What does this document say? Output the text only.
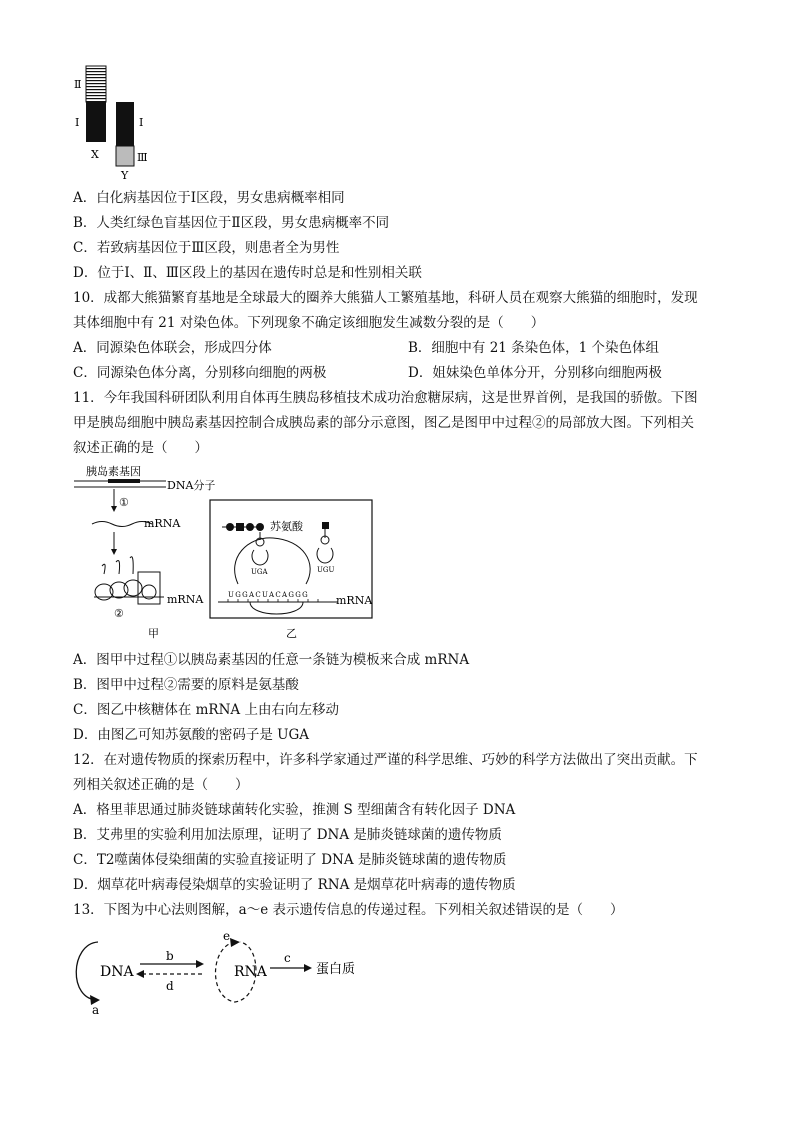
Ⅱ
Ⅰ	Ⅰ
Ⅲ
X
Y
A．白化病基因位于Ⅰ区段，男女患病概率相同
B．人类红绿色盲基因位于Ⅱ区段，男女患病概率不同
C．若致病基因位于Ⅲ区段，则患者全为男性
D．位于Ⅰ、Ⅱ、Ⅲ区段上的基因在遗传时总是和性别相关联
10．成都大熊猫繁育基地是全球最大的圈养大熊猫人工繁殖基地，科研人员在观察大熊猫的细胞时，发现
其体细胞中有 21 对染色体。下列现象不确定该细胞发生减数分裂的是（　　）
A．同源染色体联会，形成四分体	B．细胞中有 21 条染色体，1 个染色体组
C．同源染色体分离，分别移向细胞的两极	D．姐妹染色单体分开，分别移向细胞两极
11．今年我国科研团队利用自体再生胰岛移植技术成功治愈糖尿病，这是世界首例，是我国的骄傲。下图
甲是胰岛细胞中胰岛素基因控制合成胰岛素的部分示意图，图乙是图甲中过程②的局部放大图。下列相关
叙述正确的是（　　）
胰岛素基因
DNA分子
①
mRNA
mRNA
②
甲
苏氨酸
UGA	UGU
UGGACUACAGGG mRNA
乙
A．图甲中过程①以胰岛素基因的任意一条链为模板来合成 mRNA
B．图甲中过程②需要的原料是氨基酸
C．图乙中核糖体在 mRNA 上由右向左移动
D．由图乙可知苏氨酸的密码子是 UGA
12．在对遗传物质的探索历程中，许多科学家通过严谨的科学思维、巧妙的科学方法做出了突出贡献。下
列相关叙述正确的是（　　）
A．格里菲思通过肺炎链球菌转化实验，推测 S 型细菌含有转化因子 DNA
B．艾弗里的实验利用加法原理，证明了 DNA 是肺炎链球菌的遗传物质
C．T2噬菌体侵染细菌的实验直接证明了 DNA 是肺炎链球菌的遗传物质
D．烟草花叶病毒侵染烟草的实验证明了 RNA 是烟草花叶病毒的遗传物质
13．下图为中心法则图解，a～e 表示遗传信息的传递过程。下列相关叙述错误的是（　　）
a
DNA
b
d
e
RNA
c
蛋白质
